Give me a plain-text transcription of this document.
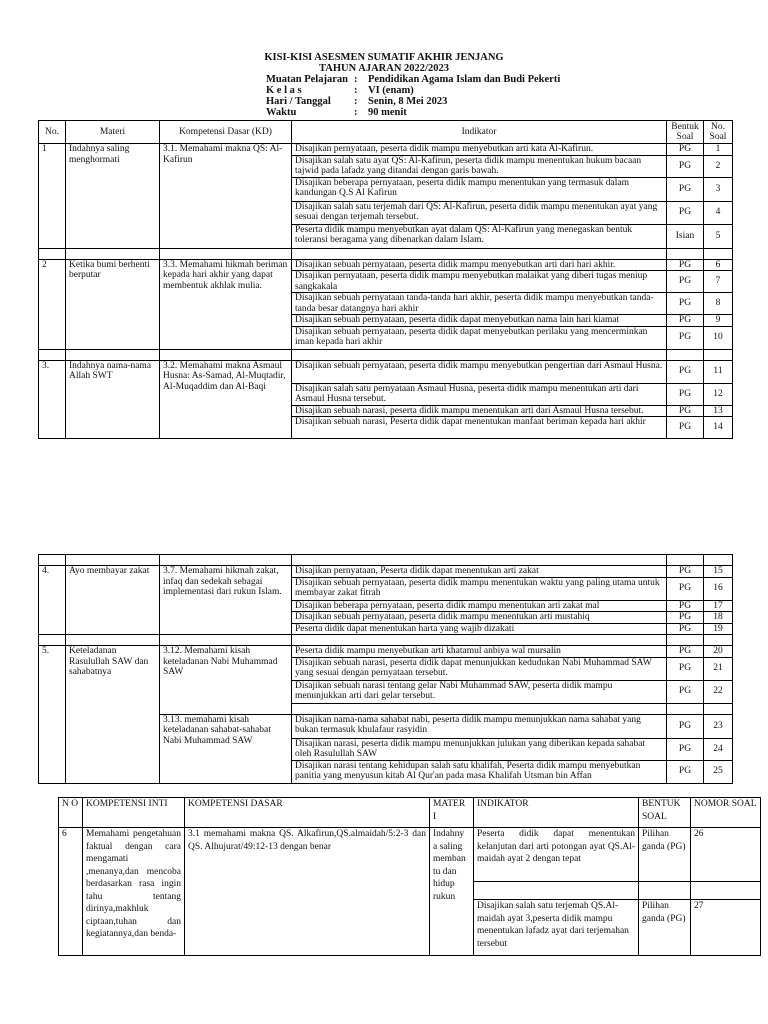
KISI-KISI ASESMEN SUMATIF AKHIR JENJANG
TAHUN AJARAN 2022/2023
Muatan Pelajaran : Pendidikan Agama Islam dan Budi Pekerti
K e l a s	: VI (enam)
Hari / Tanggal : Senin, 8 Mei 2023
Waktu	: 90 menit
No.	Materi	Kompetensi Dasar (KD)	Indikator	Bentuk Soal	No. Soal
1	Indahnya saling menghormati	3.1. Memahami makna QS: Al-Kafirun	Disajikan pernyataan, peserta didik mampu menyebutkan arti kata Al-Kafirun.	PG	1
			Disajikan salah satu ayat QS: Al-Kafirun, peserta didik mampu menentukan hukum bacaan tajwid pada lafadz yang ditandai dengan garis bawah.	PG	2
			Disajikan beberapa pernyataan, peserta didik mampu menentukan yang termasuk dalam kandungan Q.S Al Kafirun	PG	3
			Disajikan salah satu terjemah dari QS: Al-Kafirun, peserta didik mampu menentukan ayat yang sesuai dengan terjemah tersebut.	PG	4
			Peserta didik mampu menyebutkan ayat dalam QS: Al-Kafirun yang menegaskan bentuk toleransi beragama yang dibenarkan dalam Islam.	Isian	5

2	Ketika bumi berhenti berputar	3.3. Memahami hikmah beriman kepada hari akhir yang dapat membentuk akhlak mulia.	Disajikan sebuah pernyataan, peserta didik mampu menyebutkan arti dari hari akhir.	PG	6
			Disajikan pernyataan, peserta didik mampu menyebutkan malaikat yang diberi tugas meniup sangkakala	PG	7
			Disajikan sebuah pernyataan tanda-tanda hari akhir, peserta didik mampu menyebutkan tanda-tanda besar datangnya hari akhir	PG	8
			Disajikan sebuah pernyataan, peserta didik dapat menyebutkan nama lain hari kiamat	PG	9
			Disajikan sebuah pernyataan, peserta didik dapat menyebutkan perilaku yang mencerminkan iman kepada hari akhir	PG	10

3.	Indahnya nama-nama Allah SWT	3.2. Memahami makna Asmaul Husna: As-Samad, Al-Muqtadir, Al-Muqaddim dan Al-Baqi	Disajikan sebuah pernyataan, peserta didik mampu menyebutkan pengertian dari Asmaul Husna.	PG	11
			Disajikan salah satu pernyataan Asmaul Husna, peserta didik mampu menentukan arti dari Asmaul Husna tersebut.	PG	12
			Disajikan sebuah narasi, peserta didik mampu menentukan arti dari Asmaul Husna tersebut.	PG	13
			Disajikan sebuah narasi, Peserta didik dapat menentukan manfaat beriman kepada hari akhir	PG	14

4.	Ayo membayar zakat	3.7. Memahami hikmah zakat, infaq dan sedekah sebagai implementasi dari rukun Islam.	Disajikan pernyataan, Peserta didik dapat menentukan arti zakat	PG	15
			Disajikan sebuah pernyataan, peserta didik mampu menentukan waktu yang paling utama untuk membayar zakat fitrah	PG	16
			Disajikan beberapa pernyataan, peserta didik mampu menentukan arti zakat mal	PG	17
			Disajikan sebuah pernyataan, peserta didik mampu menentukan arti mustahiq	PG	18
			Peserta didik dapat menentukan harta yang wajib dizakati	PG	19

5.	Keteladanan Rasulullah SAW dan sahabatnya	3.12. Memahami kisah keteladanan Nabi Muhammad SAW	Peserta didik mampu menyebutkan arti khatamul anbiya wal mursalin	PG	20
			Disajikan sebuah narasi, peserta didik dapat menunjukkan kedudukan Nabi Muhammad SAW yang sesuai dengan pernyataan tersebut.	PG	21
			Disajikan sebuah narasi tentang gelar Nabi Muhammad SAW, peserta didik mampu menunjukkan arti dari gelar tersebut.	PG	22

		3.13. memahami kisah keteladanan sahabat-sahabat Nabi Muhammad SAW	Disajikan nama-nama sahabat nabi, peserta didik mampu menunjukkan nama sahabat yang bukan termasuk khulafaur rasyidin	PG	23
			Disajikan narasi, peserta didik mampu menunjukkan julukan yang diberikan kepada sahabat oleh Rasulullah SAW	PG	24
			Disajikan narasi tentang kehidupan salah satu khalifah, Peserta didik mampu menyebutkan panitia yang menyusun kitab Al Qur'an pada masa Khalifah Utsman bin Affan	PG	25
N O	KOMPETENSI INTI	KOMPETENSI DASAR	MATER I	INDIKATOR	BENTUK SOAL	NOMOR SOAL
6	Memahami pengetahuan faktual dengan cara mengamati ,menanya,dan mencoba berdasarkan rasa ingin tahu tentang dirinya,makhluk ciptaan,tuhan dan kegiatannya,dan benda-	3.1 memahami makna QS. Alkafirun,QS.almaidah/5:2-3 dan QS. Alhujurat/49:12-13 dengan benar	Indahny a saling memban tu dan hidup rukun	Peserta didik dapat menentukan kelanjutan dari arti potongan ayat QS.Al-maidah ayat 2 dengan tepat	Pilihan ganda (PG)	26

				Disajikan salah satu terjemah QS.Al-maidah ayat 3,peserta didik mampu menentukan lafadz ayat dari terjemahan tersebut	Pilihan ganda (PG)	27
